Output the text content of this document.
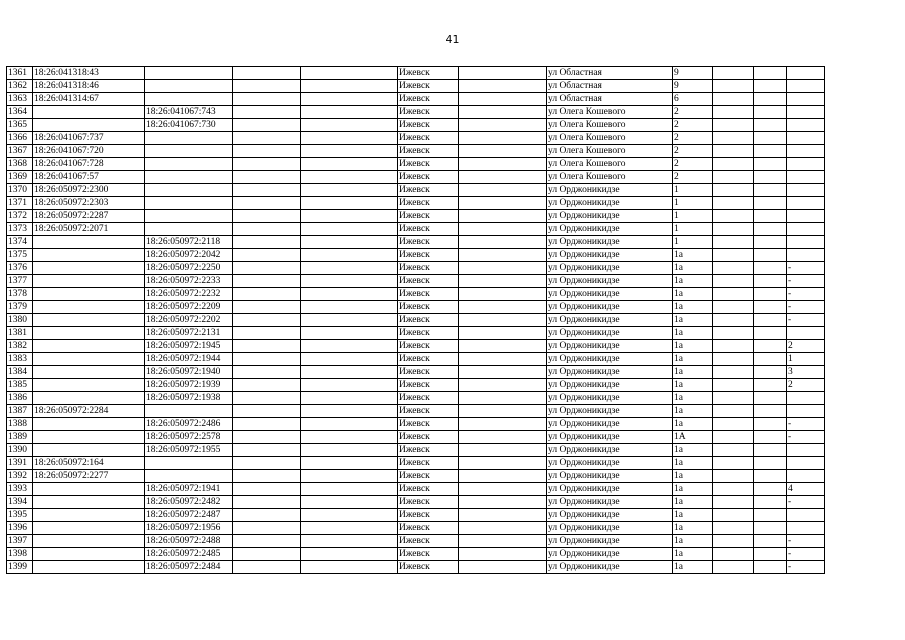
41
1361	18:26:041318:43				Ижевск		ул Областная	9			
1362	18:26:041318:46				Ижевск		ул Областная	9			
1363	18:26:041314:67				Ижевск		ул Областная	6			
1364		18:26:041067:743			Ижевск		ул Олега Кошевого	2			
1365		18:26:041067:730			Ижевск		ул Олега Кошевого	2			
1366	18:26:041067:737				Ижевск		ул Олега Кошевого	2			
1367	18:26:041067:720				Ижевск		ул Олега Кошевого	2			
1368	18:26:041067:728				Ижевск		ул Олега Кошевого	2			
1369	18:26:041067:57				Ижевск		ул Олега Кошевого	2			
1370	18:26:050972:2300				Ижевск		ул Орджоникидзе	1			
1371	18:26:050972:2303				Ижевск		ул Орджоникидзе	1			
1372	18:26:050972:2287				Ижевск		ул Орджоникидзе	1			
1373	18:26:050972:2071				Ижевск		ул Орджоникидзе	1			
1374		18:26:050972:2118			Ижевск		ул Орджоникидзе	1			
1375		18:26:050972:2042			Ижевск		ул Орджоникидзе	1а			
1376		18:26:050972:2250			Ижевск		ул Орджоникидзе	1а			-
1377		18:26:050972:2233			Ижевск		ул Орджоникидзе	1а			-
1378		18:26:050972:2232			Ижевск		ул Орджоникидзе	1а			-
1379		18:26:050972:2209			Ижевск		ул Орджоникидзе	1а			-
1380		18:26:050972:2202			Ижевск		ул Орджоникидзе	1а			-
1381		18:26:050972:2131			Ижевск		ул Орджоникидзе	1а			
1382		18:26:050972:1945			Ижевск		ул Орджоникидзе	1а			2
1383		18:26:050972:1944			Ижевск		ул Орджоникидзе	1а			1
1384		18:26:050972:1940			Ижевск		ул Орджоникидзе	1а			3
1385		18:26:050972:1939			Ижевск		ул Орджоникидзе	1а			2
1386		18:26:050972:1938			Ижевск		ул Орджоникидзе	1а			
1387	18:26:050972:2284				Ижевск		ул Орджоникидзе	1а			
1388		18:26:050972:2486			Ижевск		ул Орджоникидзе	1а			-
1389		18:26:050972:2578			Ижевск		ул Орджоникидзе	1А			-
1390		18:26:050972:1955			Ижевск		ул Орджоникидзе	1а			
1391	18:26:050972:164				Ижевск		ул Орджоникидзе	1а			
1392	18:26:050972:2277				Ижевск		ул Орджоникидзе	1а			
1393		18:26:050972:1941			Ижевск		ул Орджоникидзе	1а			4
1394		18:26:050972:2482			Ижевск		ул Орджоникидзе	1а			-
1395		18:26:050972:2487			Ижевск		ул Орджоникидзе	1а			
1396		18:26:050972:1956			Ижевск		ул Орджоникидзе	1а			
1397		18:26:050972:2488			Ижевск		ул Орджоникидзе	1а			-
1398		18:26:050972:2485			Ижевск		ул Орджоникидзе	1а			-
1399		18:26:050972:2484			Ижевск		ул Орджоникидзе	1а			-
